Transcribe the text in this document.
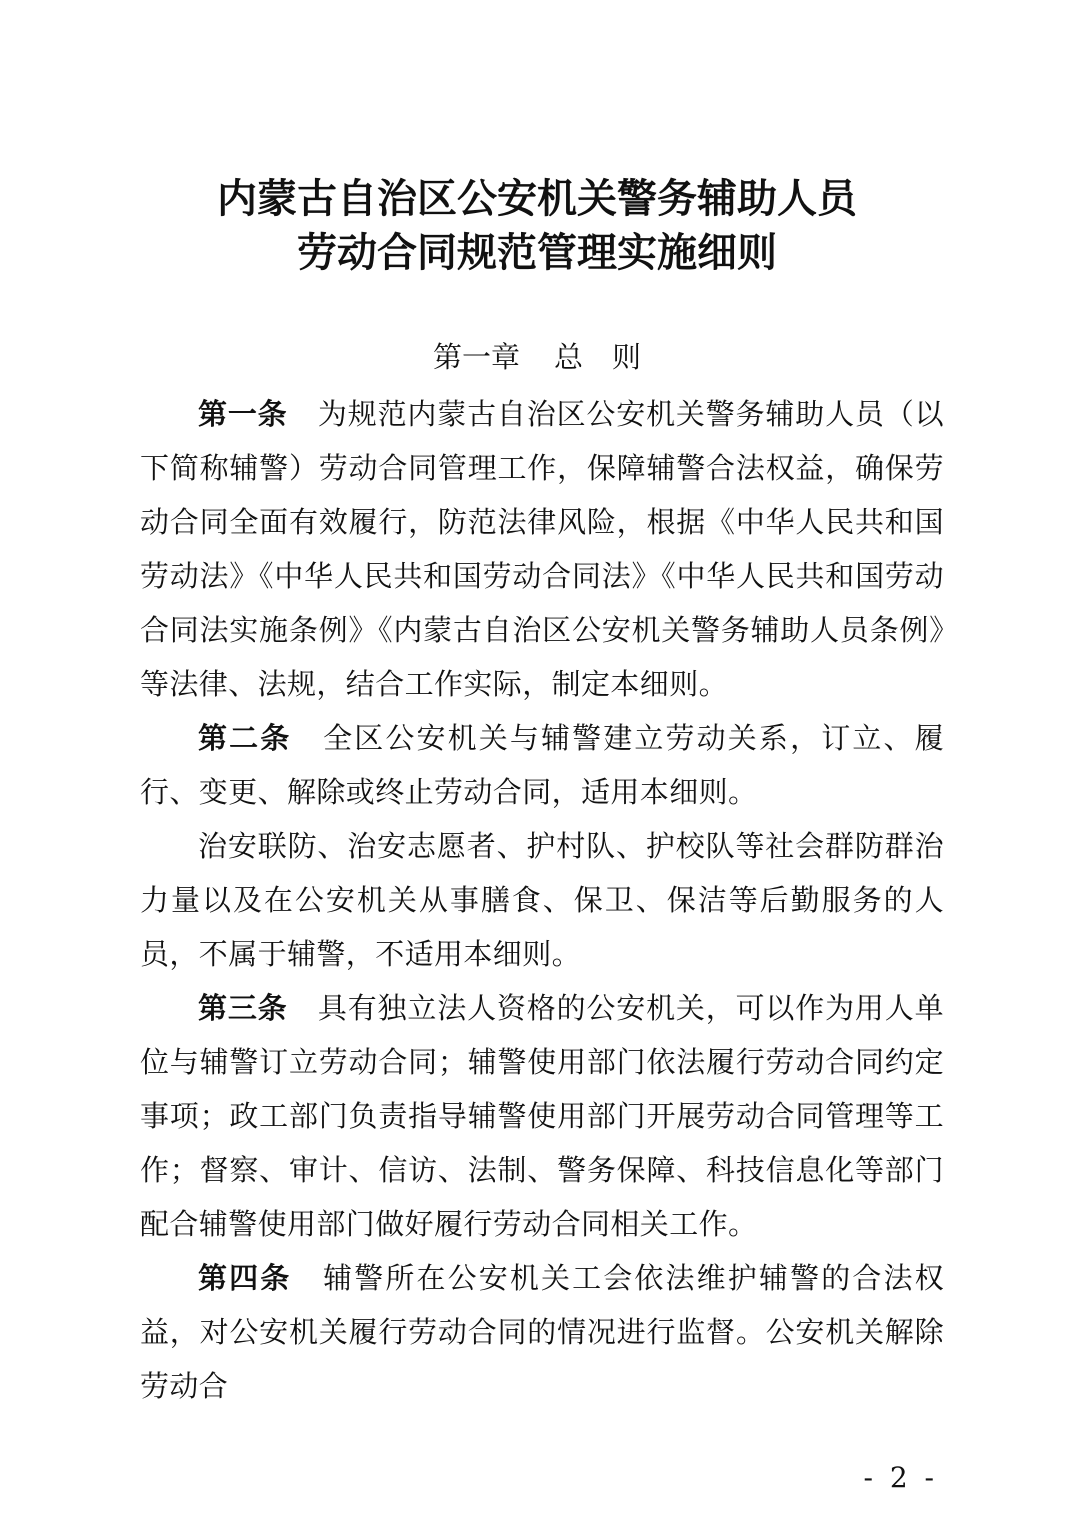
内蒙古自治区公安机关警务辅助人员
劳动合同规范管理实施细则
第一章 总　则

第一条 为规范内蒙古自治区公安机关警务辅助人员（以下简称辅警）劳动合同管理工作，保障辅警合法权益，确保劳动合同全面有效履行，防范法律风险，根据《中华人民共和国劳动法》《中华人民共和国劳动合同法》《中华人民共和国劳动合同法实施条例》《内蒙古自治区公安机关警务辅助人员条例》等法律、法规，结合工作实际，制定本细则。

第二条 全区公安机关与辅警建立劳动关系，订立、履行、变更、解除或终止劳动合同，适用本细则。

治安联防、治安志愿者、护村队、护校队等社会群防群治力量以及在公安机关从事膳食、保卫、保洁等后勤服务的人员，不属于辅警，不适用本细则。

第三条 具有独立法人资格的公安机关，可以作为用人单位与辅警订立劳动合同；辅警使用部门依法履行劳动合同约定事项；政工部门负责指导辅警使用部门开展劳动合同管理等工作；督察、审计、信访、法制、警务保障、科技信息化等部门配合辅警使用部门做好履行劳动合同相关工作。

第四条 辅警所在公安机关工会依法维护辅警的合法权益，对公安机关履行劳动合同的情况进行监督。公安机关解除劳动合

- 2 -
